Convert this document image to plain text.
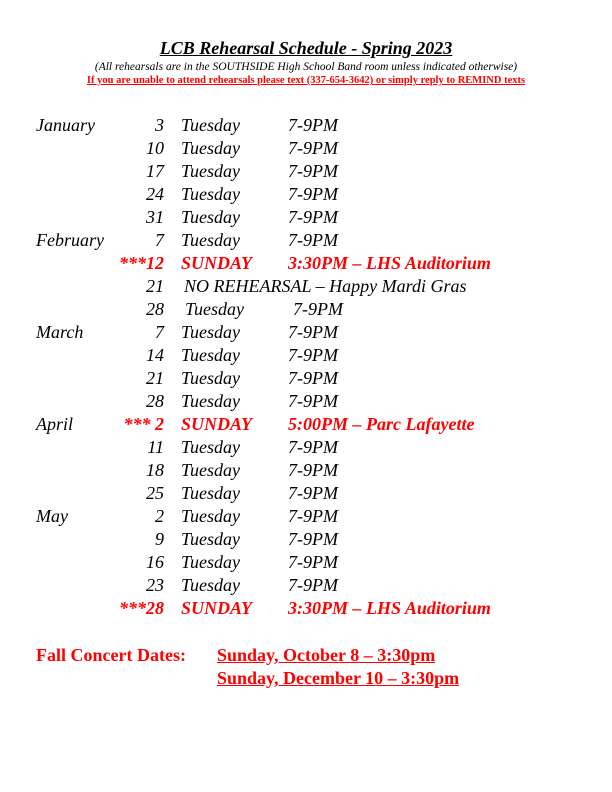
LCB Rehearsal Schedule - Spring 2023
(All rehearsals are in the SOUTHSIDE High School Band room unless indicated otherwise)
If you are unable to attend rehearsals please text (337-654-3642) or simply reply to REMIND texts
January	3 Tuesday	7-9PM
10 Tuesday	7-9PM
17 Tuesday	7-9PM
24 Tuesday	7-9PM
31 Tuesday	7-9PM
February	7 Tuesday	7-9PM
***12 SUNDAY 3:30PM – LHS Auditorium
21 NO REHEARSAL – Happy Mardi Gras
28 Tuesday	7-9PM
March	7 Tuesday	7-9PM
14 Tuesday	7-9PM
21 Tuesday	7-9PM
28 Tuesday	7-9PM
April	*** 2 SUNDAY 5:00PM – Parc Lafayette
11 Tuesday	7-9PM
18 Tuesday	7-9PM
25 Tuesday	7-9PM
May	2 Tuesday	7-9PM
9 Tuesday	7-9PM
16 Tuesday	7-9PM
23 Tuesday	7-9PM
***28 SUNDAY 3:30PM – LHS Auditorium
Fall Concert Dates: Sunday, October 8 – 3:30pm
Sunday, December 10 – 3:30pm
